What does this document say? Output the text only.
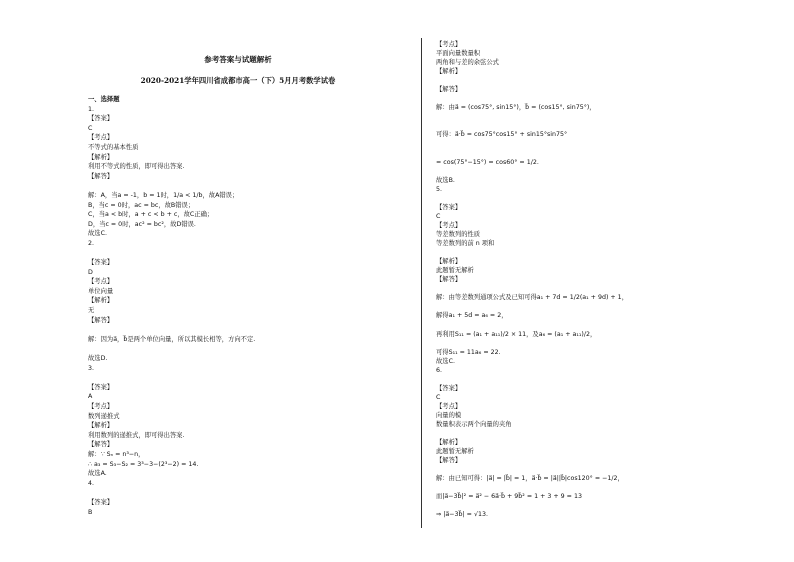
参考答案与试题解析
2020-2021学年四川省成都市高一（下）5月月考数学试卷
一、选择题
1.
【答案】
C
【考点】
不等式的基本性质
【解析】
利用不等式的性质，即可得出答案.
【解答】
解：A，当a = -1，b = 1时，1/a < 1/b，故A错误；
B，当c = 0时，ac = bc，故B错误；
C，当a < b时，a + c < b + c，故C正确；
D，当c = 0时，ac² = bc²，故D错误.
故选C.
2.
【答案】
D
【考点】
单位向量
【解析】
无
【解答】
解：因为a⃗，b⃗是两个单位向量，所以其模长相等，方向不定.
故选D.
3.
【答案】
A
【考点】
数列递推式
【解析】
利用数列的递推式，即可得出答案.
【解答】
解：∵ Sₙ = n³−n，
∴ a₃ = S₃−S₂ = 3³−3−(2³−2) = 14.
故选A.
4.
【答案】
B
【考点】
平面向量数量积
两角和与差的余弦公式
【解析】
【解答】
解：由a⃗ = (cos75°, sin15°)，b⃗ = (cos15°, sin75°)，
可得：a⃗·b⃗ = cos75°cos15° + sin15°sin75°
= cos(75°−15°) = cos60° = 1/2.
故选B.
5.
【答案】
C
【考点】
等差数列的性质
等差数列的前 n 项和
【解析】
此题暂无解析
【解答】
解：由等差数列通项公式及已知可得a₁ + 7d = 1/2(a₁ + 9d) + 1，
解得a₁ + 5d = a₆ = 2，
再利用S₁₁ = (a₁ + a₁₁)/2 × 11，及a₆ = (a₁ + a₁₁)/2，
可得S₁₁ = 11a₆ = 22.
故选C.
6.
【答案】
C
【考点】
向量的模
数量积表示两个向量的夹角
【解析】
此题暂无解析
【解答】
解：由已知可得：|a⃗| = |b⃗| = 1，a⃗·b⃗ = |a⃗||b⃗|cos120° = −1/2，
而|a⃗−3b⃗|² = a⃗² − 6a⃗·b⃗ + 9b⃗² = 1 + 3 + 9 = 13
⇒ |a⃗−3b⃗| = √13.
